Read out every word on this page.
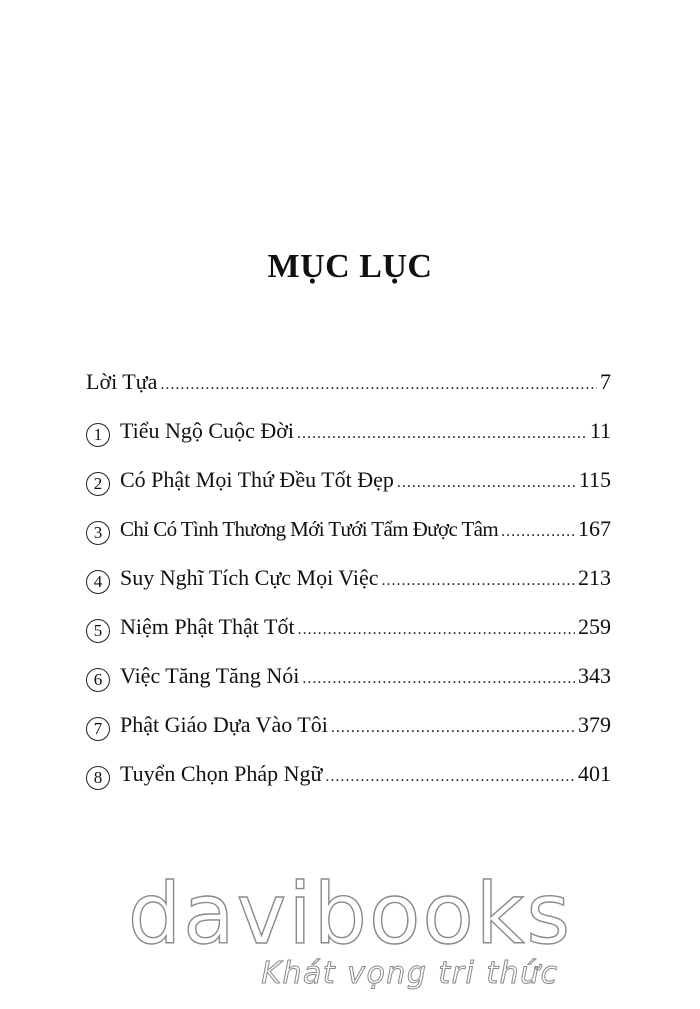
MỤC LỤC
Lời Tựa .....	7
1 Tiểu Ngộ Cuộc Đời .....	11
2 Có Phật Mọi Thứ Đều Tốt Đẹp .....	115
3 Chỉ Có Tình Thương Mới Tưới Tẩm Được Tâm .....	167
4 Suy Nghĩ Tích Cực Mọi Việc .....	213
5 Niệm Phật Thật Tốt .....	259
6 Việc Tăng Tăng Nói .....	343
7 Phật Giáo Dựa Vào Tôi .....	379
8 Tuyển Chọn Pháp Ngữ .....	401
davibooks
Khát vọng tri thức
